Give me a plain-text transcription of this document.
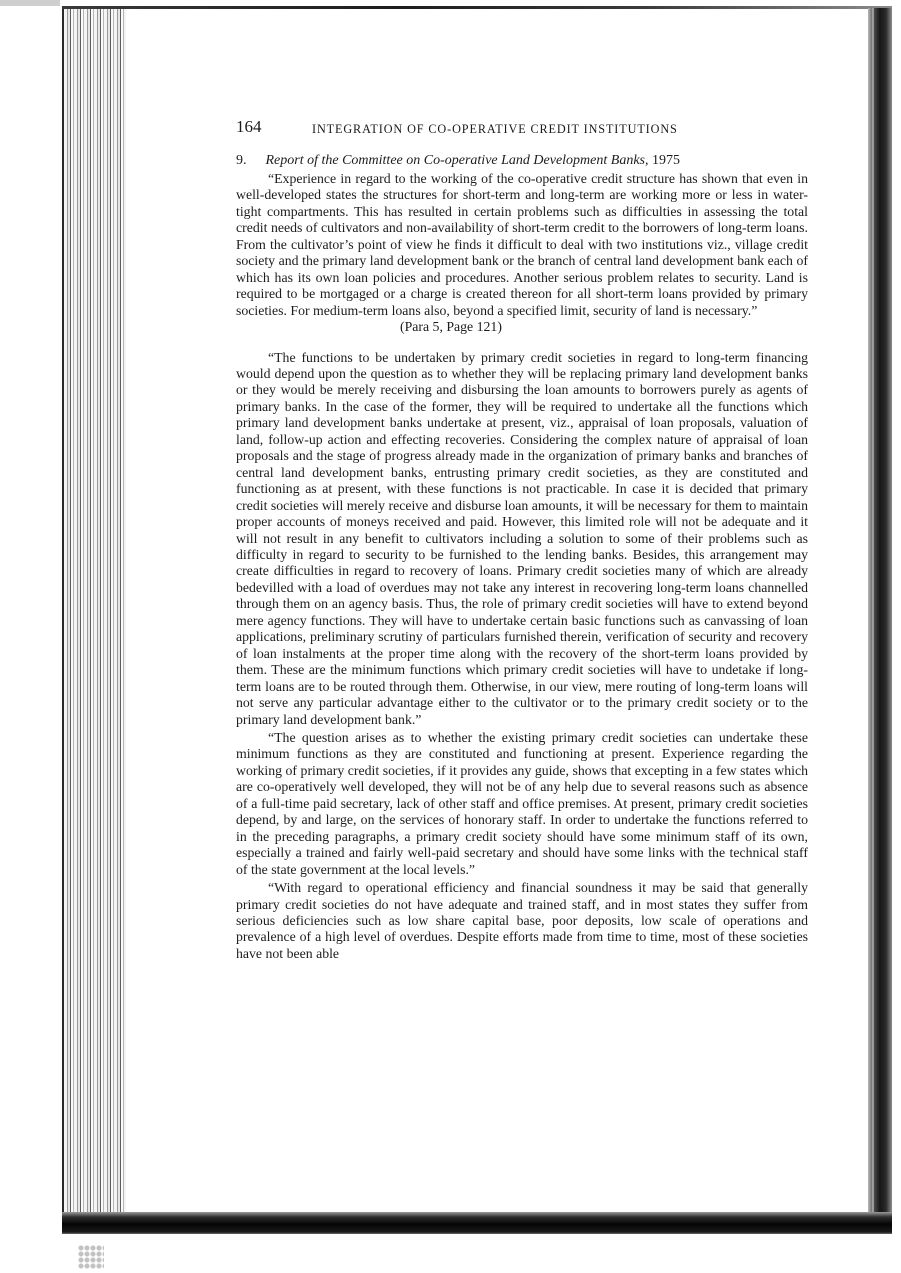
164	INTEGRATION OF CO-OPERATIVE CREDIT INSTITUTIONS
9. Report of the Committee on Co-operative Land Development Banks, 1975

“Experience in regard to the working of the co-operative credit structure has shown that even in well-developed states the structures for short-term and long-term are working more or less in water-tight compartments. This has resulted in certain problems such as difficulties in assessing the total credit needs of cultivators and non-availability of short-term credit to the borrowers of long-term loans. From the cultivator’s point of view he finds it difficult to deal with two institutions viz., village credit society and the primary land development bank or the branch of central land development bank each of which has its own loan policies and procedures. Another serious problem relates to security. Land is required to be mortgaged or a charge is created thereon for all short-term loans provided by primary societies. For medium-term loans also, beyond a specified limit, security of land is necessary.”

(Para 5, Page 121)

“The functions to be undertaken by primary credit societies in regard to long-term financing would depend upon the question as to whether they will be replacing primary land development banks or they would be merely receiving and disbursing the loan amounts to borrowers purely as agents of primary banks. In the case of the former, they will be required to undertake all the functions which primary land development banks undertake at present, viz., appraisal of loan proposals, valuation of land, follow-up action and effecting recoveries. Considering the complex nature of appraisal of loan proposals and the stage of progress already made in the organization of primary banks and branches of central land development banks, entrusting primary credit societies, as they are constituted and functioning as at present, with these functions is not practicable. In case it is decided that primary credit societies will merely receive and disburse loan amounts, it will be necessary for them to maintain proper accounts of moneys received and paid. However, this limited role will not be adequate and it will not result in any benefit to cultivators including a solution to some of their problems such as difficulty in regard to security to be furnished to the lending banks. Besides, this arrangement may create difficulties in regard to recovery of loans. Primary credit societies many of which are already bedevilled with a load of overdues may not take any interest in recovering long-term loans channelled through them on an agency basis. Thus, the role of primary credit societies will have to extend beyond mere agency functions. They will have to undertake certain basic functions such as canvassing of loan applications, preliminary scrutiny of particulars furnished therein, verification of security and recovery of loan instalments at the proper time along with the recovery of the short-term loans provided by them. These are the minimum functions which primary credit societies will have to undetake if long-term loans are to be routed through them. Otherwise, in our view, mere routing of long-term loans will not serve any particular advantage either to the cultivator or to the primary credit society or to the primary land development bank.”

“The question arises as to whether the existing primary credit societies can undertake these minimum functions as they are constituted and functioning at present. Experience regarding the working of primary credit societies, if it provides any guide, shows that excepting in a few states which are co-operatively well developed, they will not be of any help due to several reasons such as absence of a full-time paid secretary, lack of other staff and office premises. At present, primary credit societies depend, by and large, on the services of honorary staff. In order to undertake the functions referred to in the preceding paragraphs, a primary credit society should have some minimum staff of its own, especially a trained and fairly well-paid secretary and should have some links with the technical staff of the state government at the local levels.”

“With regard to operational efficiency and financial soundness it may be said that generally primary credit societies do not have adequate and trained staff, and in most states they suffer from serious deficiencies such as low share capital base, poor deposits, low scale of operations and prevalence of a high level of overdues. Despite efforts made from time to time, most of these societies have not been able
